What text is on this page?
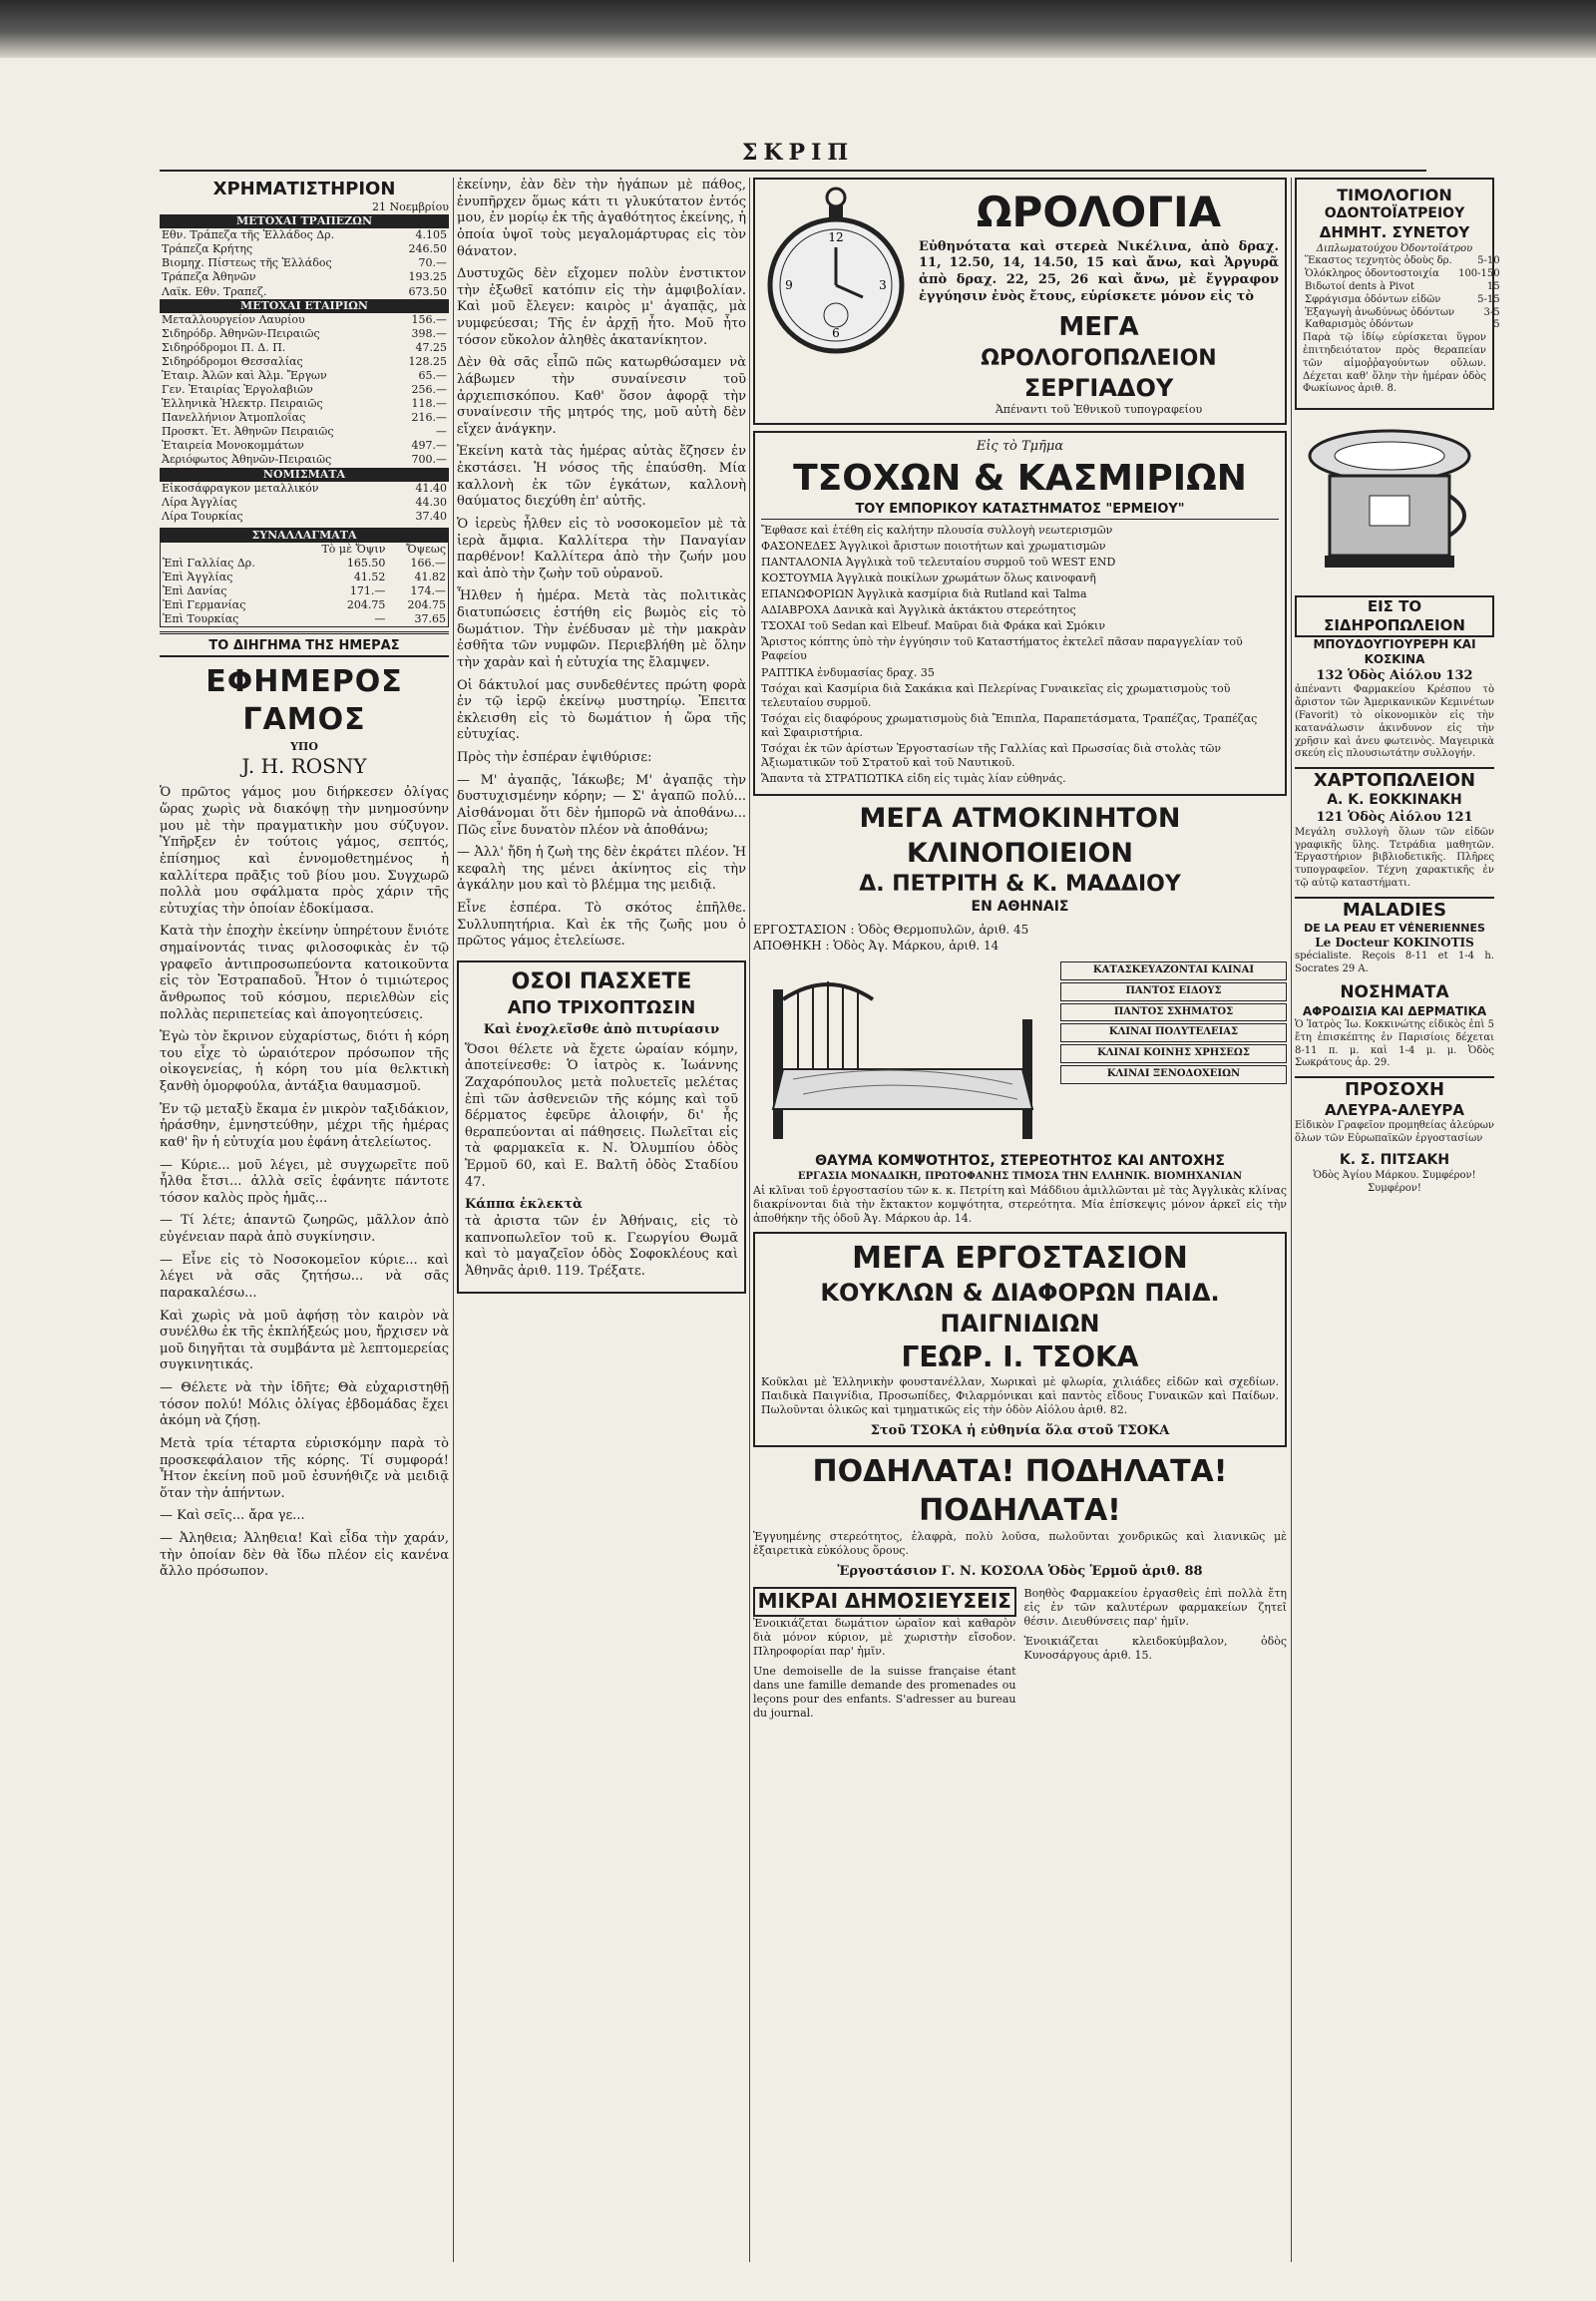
ΣΚΡΙΠ
ΧΡΗΜΑΤΙΣΤΗΡΙΟΝ
21 Νοεμβρίου
ΜΕΤΟΧΑΙ ΤΡΑΠΕΖΩΝ	
Εθν. Τράπεζα τῆς Ἑλλάδος Δρ.	4.105
Τράπεζα Κρήτης	246.50
Βιομηχ. Πίστεως τῆς Ἑλλάδος	70.—
Τράπεζα Ἀθηνῶν	193.25
Λαϊκ. Εθν. Τραπεζ.	673.50
ΜΕΤΟΧΑΙ ΕΤΑΙΡΙΩΝ	
Μεταλλουργείον Λαυρίου	156.—
Σιδηρόδρ. Ἀθηνῶν-Πειραιῶς	398.—
Σιδηρόδρομοι Π. Δ. Π.	47.25
Σιδηρόδρομοι Θεσσαλίας	128.25
Ἐταιρ. Ἀλῶν καὶ Ἀλμ. Ἔργων	65.—
Γεν. Ἐταιρίας Ἐργολαβιῶν	256.—
Ἑλληνικὰ Ἠλεκτρ. Πειραιῶς	118.—
Πανελλήνιον Ἀτμοπλοΐας	216.—
Προσκτ. Ἐτ. Ἀθηνῶν Πειραιῶς	—
Ἐταιρεία Μονοκομμάτων	497.—
Ἀεριόφωτος Ἀθηνῶν-Πειραιῶς	700.—
ΝΟΜΙΣΜΑΤΑ	
Εἰκοσάφραγκον μεταλλικόν	41.40
Λίρα Ἀγγλίας	44.30
Λίρα Τουρκίας	37.40
ΣΥΝΑΛΛΑΓΜΑΤΑ		
	Τὸ μὲ Ὄψιν	Ὄψεως
Ἐπὶ Γαλλίας Δρ.	165.50	166.—
Ἐπὶ Ἀγγλίας	41.52	41.82
Ἐπὶ Δανίας	171.—	174.—
Ἐπὶ Γερμανίας	204.75	204.75
Ἐπὶ Τουρκίας	—	37.65
ΤΟ ΔΙΗΓΗΜΑ ΤΗΣ ΗΜΕΡΑΣ
ΕΦΗΜΕΡΟΣ ΓΑΜΟΣ
ΥΠΟ
J. H. ROSNY

Ὁ πρῶτος γάμος μου διήρκεσεν ὀλίγας ὥρας χωρὶς νὰ διακόψῃ τὴν μνημοσύνην μου μὲ τὴν πραγματικὴν μου σύζυγον. Ὑπῆρξεν ἐν τούτοις γάμος, σεπτός, ἐπίσημος καὶ ἐννομοθετημένος ἡ καλλίτερα πρᾶξις τοῦ βίου μου. Συγχωρῶ πολλὰ μου σφάλματα πρὸς χάριν τῆς εὐτυχίας τὴν ὁποίαν ἐδοκίμασα.

Κατὰ τὴν ἐποχὴν ἐκείνην ὑπηρέτουν ἔνιότε σημαίνοντάς τινας φιλοσοφικὰς ἐν τῷ γραφεῖο ἀντιπροσωπεύοντα κατοικοῦντα εἰς τὸν Ἐστραπαδοῦ. Ἦτον ὁ τιμιώτερος ἄνθρωπος τοῦ κόσμου, περιελθὼν εἰς πολλὰς περιπετείας καὶ ἀπογοητεύσεις.

Ἐγὼ τὸν ἔκρινον εὐχαρίστως, διότι ἡ κόρη του εἶχε τὸ ὡραιότερον πρόσωπον τῆς οἰκογενείας, ἡ κόρη του μία θελκτικὴ ξανθὴ ὁμορφούλα, ἀντάξια θαυμασμοῦ.

Ἐν τῷ μεταξὺ ἔκαμα ἐν μικρὸν ταξιδάκιον, ἠράσθην, ἐμνηστεύθην, μέχρι τῆς ἡμέρας καθ' ἣν ἡ εὐτυχία μου ἐφάνη ἀτελείωτος.

— Κύριε... μοῦ λέγει, μὲ συγχωρεῖτε ποῦ ἦλθα ἔτσι... ἀλλὰ σεῖς ἐφάνητε πάντοτε τόσον καλὸς πρὸς ἡμᾶς...

— Τί λέτε; ἀπαντῶ ζωηρῶς, μᾶλλον ἀπὸ εὐγένειαν παρὰ ἀπὸ συγκίνησιν.

— Εἶνε εἰς τὸ Νοσοκομεῖον κύριε... καὶ λέγει νὰ σᾶς ζητήσω... νὰ σᾶς παρακαλέσω...

Καὶ χωρὶς νὰ μοῦ ἀφήσῃ τὸν καιρὸν νὰ συνέλθω ἐκ τῆς ἐκπλήξεώς μου, ἤρχισεν νὰ μοῦ διηγῆται τὰ συμβάντα μὲ λεπτομερείας συγκινητικάς.

— Θέλετε νὰ τὴν ἰδῆτε; Θὰ εὐχαριστηθῇ τόσον πολύ! Μόλις ὀλίγας ἑβδομάδας ἔχει ἀκόμη νὰ ζήσῃ.

Μετὰ τρία τέταρτα εὑρισκόμην παρὰ τὸ προσκεφάλαιον τῆς κόρης. Τί συμφορά! Ἦτον ἐκείνη ποῦ μοῦ ἐσυνήθιζε νὰ μειδιᾷ ὅταν τὴν ἀπήντων.

— Καὶ σεῖς... ἄρα γε...

— Ἀληθεια; Ἀληθεια! Καὶ εἶδα τὴν χαράν, τὴν ὁποίαν δὲν θὰ ἴδω πλέον εἰς κανένα ἄλλο πρόσωπον.

ἐκείνην, ἐὰν δὲν τὴν ἠγάπων μὲ πάθος, ἐνυπῆρχεν ὅμως κάτι τι γλυκύτατον ἐντός μου, ἐν μορίῳ ἐκ τῆς ἀγαθότητος ἐκείνης, ἡ ὁποία ὑψοῖ τοὺς μεγαλομάρτυρας εἰς τὸν θάνατον.

Δυστυχῶς δὲν εἴχομεν πολὺν ἐνστικτον τὴν ἐξωθεῖ κατόπιν εἰς τὴν ἀμφιβολίαν. Καὶ μοῦ ἔλεγεν: καιρὸς μ' ἀγαπᾷς, μὰ νυμφεύεσαι; Τῆς ἐν ἀρχῇ ἦτο. Μοῦ ἦτο τόσον εὔκολον ἀληθὲς ἀκατανίκητον.

Δὲν θὰ σᾶς εἶπῶ πῶς κατωρθώσαμεν νὰ λάβωμεν τὴν συναίνεσιν τοῦ ἀρχιεπισκόπου. Καθ' ὅσον ἀφορᾷ τὴν συναίνεσιν τῆς μητρός της, μοῦ αὐτὴ δὲν εἴχεν ἀνάγκην.

Ἐκείνη κατὰ τὰς ἡμέρας αὐτὰς ἔζησεν ἐν ἐκστάσει. Ἡ νόσος τῆς ἐπαύσθη. Μία καλλονὴ ἐκ τῶν ἐγκάτων, καλλονὴ θαύματος διεχύθη ἐπ' αὐτῆς.

Ὁ ἱερεὺς ἦλθεν εἰς τὸ νοσοκομεῖον μὲ τὰ ἱερὰ ἄμφια. Καλλίτερα τὴν Παναγίαν παρθένον! Καλλίτερα ἀπὸ τὴν ζωήν μου καὶ ἀπὸ τὴν ζωὴν τοῦ οὐρανοῦ.

Ἦλθεν ἡ ἡμέρα. Μετὰ τὰς πολιτικὰς διατυπώσεις ἐστήθη εἰς βωμὸς εἰς τὸ δωμάτιον. Τὴν ἐνέδυσαν μὲ τὴν μακρὰν ἐσθῆτα τῶν νυμφῶν. Περιεβλήθη μὲ ὅλην τὴν χαρὰν καὶ ἡ εὐτυχία της ἔλαμψεν.

Οἱ δάκτυλοί μας συνδεθέντες πρώτη φορὰ ἐν τῷ ἱερῷ ἐκείνῳ μυστηρίῳ. Ἐπειτα ἐκλεισθη εἰς τὸ δωμάτιον ἡ ὥρα τῆς εὐτυχίας.

Πρὸς τὴν ἑσπέραν ἐψιθύρισε:

— Μ' ἀγαπᾷς, Ἰάκωβε; Μ' ἀγαπᾷς τὴν δυστυχισμένην κόρην; — Σ' ἀγαπῶ πολύ... Αἰσθάνομαι ὅτι δὲν ἠμπορῶ νὰ ἀποθάνω... Πῶς εἶνε δυνατὸν πλέον νὰ ἀποθάνω;

— Ἀλλ' ἤδη ἡ ζωὴ της δὲν ἐκράτει πλέον. Ἡ κεφαλὴ της μένει ἀκίνητος εἰς τὴν ἀγκάλην μου καὶ τὸ βλέμμα της μειδιᾷ.

Εἶνε ἑσπέρα. Τὸ σκότος ἐπῆλθε. Συλλυπητήρια. Καὶ ἐκ τῆς ζωῆς μου ὁ πρῶτος γάμος ἐτελείωσε.

ΟΣΟΙ ΠΑΣΧΕΤΕ
ΑΠΟ ΤΡΙΧΟΠΤΩΣΙΝ
Καὶ ἐνοχλεῖσθε ἀπὸ πιτυρίασιν

Ὅσοι θέλετε νὰ ἔχετε ὡραίαν κόμην, ἀποτείνεσθε: Ὁ ἰατρὸς κ. Ἰωάννης Ζαχαρόπουλος μετὰ πολυετεῖς μελέτας ἐπὶ τῶν ἀσθενειῶν τῆς κόμης καὶ τοῦ δέρματος ἐφεῦρε ἀλοιφήν, δι' ἧς θεραπεύονται αἱ πάθησεις. Πωλεῖται εἰς τὰ φαρμακεῖα κ. Ν. Ὀλυμπίου ὁδὸς Ἑρμοῦ 60, καὶ Ε. Βαλτῆ ὁδὸς Σταδίου 47.

Κάππα ἐκλεκτὰ

τὰ ἀριστα τῶν ἐν Ἀθήναις, εἰς τὸ καπνοπωλεῖον τοῦ κ. Γεωργίου Θωμᾶ καὶ τὸ μαγαζεῖον ὁδὸς Σοφοκλέους καὶ Ἀθηνᾶς ἀριθ. 119. Τρέξατε.

12
3
6
9
ΩΡΟΛΟΓΙΑ

Εὐθηνότατα καὶ στερεὰ Νικέλινα, ἀπὸ δραχ. 11, 12.50, 14, 14.50, 15 καὶ ἄνω, καὶ Ἀργυρᾶ ἀπὸ δραχ. 22, 25, 26 καὶ ἄνω, μὲ ἔγγραφον ἐγγύησιν ἐνὸς ἔτους, εὑρίσκετε μόνον εἰς τὸ

ΜΕΓΑ
ΩΡΟΛΟΓΟΠΩΛΕΙΟΝ
ΣΕΡΓΙΑΔΟΥ
Ἀπέναντι τοῦ Ἐθνικοῦ τυπογραφείου
Εἰς τὸ Τμῆμα
ΤΣΟΧΩΝ & ΚΑΣΜΙΡΙΩΝ
ΤΟΥ ΕΜΠΟΡΙΚΟΥ ΚΑΤΑΣΤΗΜΑΤΟΣ "ΕΡΜΕΙΟΥ"
Ἔφθασε καὶ ἐτέθη εἰς καλήτην πλουσία συλλογὴ νεωτερισμῶν
ΦΑΣΟΝΕΔΕΣ Ἀγγλικοὶ ἄριστων ποιοτήτων καὶ χρωματισμῶν
ΠΑΝΤΑΛΟΝΙΑ Ἀγγλικὰ τοῦ τελευταίου συρμοῦ τοῦ WEST END
ΚΟΣΤΟΥΜΙΑ Ἀγγλικὰ ποικίλων χρωμάτων ὅλως καινοφανῆ
ΕΠΑΝΩΦΟΡΙΩΝ Ἀγγλικὰ κασμίρια διὰ Rutland καὶ Talma
ΑΔΙΑΒΡΟΧΑ Δανικὰ καὶ Ἀγγλικὰ ἀκτάκτου στερεότητος
ΤΣΟΧΑΙ τοῦ Sedan καὶ Elbeuf. Μαῦραι διὰ Φράκα καὶ Σμόκιν
Ἄριστος κόπτης ὑπὸ τὴν ἐγγύησιν τοῦ Καταστήματος ἐκτελεῖ πᾶσαν παραγγελίαν τοῦ Ραφείου
ΡΑΠΤΙΚΑ ἐνδυμασίας δραχ. 35
Τσόχαι καὶ Κασμίρια διὰ Σακάκια καὶ Πελερίνας Γυναικεῖας εἰς χρωματισμοὺς τοῦ τελευταίου συρμοῦ.
Τσόχαι εἰς διαφόρους χρωματισμοὺς διὰ Ἔπιπλα, Παραπετάσματα, Τραπέζας, Τραπέζας καὶ Σφαιριστήρια.
Τσόχαι ἐκ τῶν ἀρίστων Ἐργοστασίων τῆς Γαλλίας καὶ Πρωσσίας διὰ στολὰς τῶν Ἀξιωματικῶν τοῦ Στρατοῦ καὶ τοῦ Ναυτικοῦ.
Ἅπαντα τὰ ΣΤΡΑΤΙΩΤΙΚΑ εἰδη εἰς τιμὰς λίαν εὐθηνάς.
ΜΕΓΑ ΑΤΜΟΚΙΝΗΤΟΝ ΚΛΙΝΟΠΟΙΕΙΟΝ
Δ. ΠΕΤΡΙΤΗ & Κ. ΜΑΔΔΙΟΥ
ΕΝ ΑΘΗΝΑΙΣ
ΕΡΓΟΣΤΑΣΙΟΝ : Ὁδὸς Θερμοπυλῶν, ἀριθ. 45
ΑΠΟΘΗΚΗ : Ὁδὸς Ἀγ. Μάρκου, ἀριθ. 14
ΚΑΤΑΣΚΕΥΑΖΟΝΤΑΙ ΚΛΙΝΑΙ
ΠΑΝΤΟΣ ΕΙΔΟΥΣ
ΠΑΝΤΟΣ ΣΧΗΜΑΤΟΣ
ΚΛΙΝΑΙ ΠΟΛΥΤΕΛΕΙΑΣ
ΚΛΙΝΑΙ ΚΟΙΝΗΣ ΧΡΗΣΕΩΣ
ΚΛΙΝΑΙ ΞΕΝΟΔΟΧΕΙΩΝ
ΘΑΥΜΑ ΚΟΜΨΟΤΗΤΟΣ, ΣΤΕΡΕΟΤΗΤΟΣ ΚΑΙ ΑΝΤΟΧΗΣ
ΕΡΓΑΣΙΑ ΜΟΝΑΔΙΚΗ, ΠΡΩΤΟΦΑΝΗΣ ΤΙΜΟΣΑ ΤΗΝ ΕΛΛΗΝΙΚ. ΒΙΟΜΗΧΑΝΙΑΝ

Αἱ κλῖναι τοῦ ἐργοστασίου τῶν κ. κ. Πετρίτη καὶ Μάδδιου ἁμιλλῶνται μὲ τὰς Ἀγγλικὰς κλίνας διακρίνονται διὰ τὴν ἔκτακτον κομψότητα, στερεότητα. Μία ἐπίσκεψις μόνον ἀρκεῖ εἰς τὴν ἀποθήκην τῆς ὁδοῦ Ἀγ. Μάρκου ἀρ. 14.

ΜΕΓΑ ΕΡΓΟΣΤΑΣΙΟΝ
ΚΟΥΚΛΩΝ & ΔΙΑΦΟΡΩΝ ΠΑΙΔ. ΠΑΙΓΝΙΔΙΩΝ
ΓΕΩΡ. Ι. ΤΣΟΚΑ

Κοῦκλαι μὲ Ἑλληνικὴν φουστανέλλαν, Χωρικαὶ μὲ φλωρία, χιλιάδες εἰδῶν καὶ σχεδίων. Παιδικὰ Παιγνίδια, Προσωπίδες, Φιλαρμόνικαι καὶ παντὸς εἴδους Γυναικῶν καὶ Παίδων. Πωλοῦνται ὁλικῶς καὶ τμηματικῶς εἰς τὴν ὁδὸν Αἰόλου ἀριθ. 82.

Στοῦ ΤΣΟΚΑ ἡ εὐθηνία ὅλα στοῦ ΤΣΟΚΑ
ΠΟΔΗΛΑΤΑ! ΠΟΔΗΛΑΤΑ! ΠΟΔΗΛΑΤΑ!

Ἐγγυημένης στερεότητος, ἐλαφρὰ, πολὺ λοῦσα, πωλοῦνται χονδρικῶς καὶ λιανικῶς μὲ ἐξαιρετικὰ εὐκόλους ὅρους.

Ἐργοστάσιον Γ. Ν. ΚΟΣΟΛΑ Ὁδὸς Ἑρμοῦ ἀριθ. 88
ΜΙΚΡΑΙ ΔΗΜΟΣΙΕΥΣΕΙΣ

Ἐνοικιάζεται δωμάτιον ὡραῖον καὶ καθαρὸν διὰ μόνον κύριον, μὲ χωριστὴν εἴσοδον. Πληροφορίαι παρ' ἡμῖν.

Une demoiselle de la suisse française étant dans une famille demande des promenades ou leçons pour des enfants. S'adresser au bureau du journal.

Βοηθὸς Φαρμακείου ἐργασθεὶς ἐπὶ πολλὰ ἔτη εἰς ἐν τῶν καλυτέρων φαρμακείων ζητεῖ θέσιν. Διευθύνσεις παρ' ἡμῖν.

Ἐνοικιάζεται κλειδοκύμβαλον, ὁδὸς Κυνοσάργους ἀριθ. 15.

ΤΙΜΟΛΟΓΙΟΝ
ΟΔΟΝΤΟΪΑΤΡΕΙΟΥ
ΔΗΜΗΤ. ΣΥΝΕΤΟΥ
Διπλωματούχου Ὀδοντοϊάτρου
Ἕκαστος τεχνητὸς ὀδοὺς δρ.	5-10
Ὁλόκληρος ὀδοντοστοιχία	100-150
Βιδωτοί dents à Pivot	15
Σφράγισμα ὀδόντων εἰδῶν	5-15
Ἐξαγωγὴ ἀνωδύνως ὀδόντων	3-5
Καθαρισμὸς ὀδόντων	5

Παρὰ τῷ ἰδίῳ εὑρίσκεται ὕγρον ἐπιτηδειότατον πρὸς θεραπείαν τῶν αἱμοῤῥαγούντων οὔλων. Δέχεται καθ' ὅλην τὴν ἡμέραν ὁδὸς Φωκίωνος ἀριθ. 8.

ΕΙΣ ΤΟ ΣΙΔΗΡΟΠΩΛΕΙΟΝ
ΜΠΟΥΔΟΥΓΙΟΥΡΕΡΗ ΚΑΙ ΚΟΣΚΙΝΑ
132 Ὁδὸς Αἰόλου 132

ἀπέναντι Φαρμακείου Κρέσπου τὸ ἄριστον τῶν Ἀμερικανικῶν Κεμινέτων (Favorit) τὸ οἰκονομικὸν εἰς τὴν κατανάλωσιν ἀκινδυνον εἰς τὴν χρῆσιν καὶ ἀνευ φωτεινὸς. Μαγειρικὰ σκεύη εἰς πλουσιωτάτην συλλογήν.

ΧΑΡΤΟΠΩΛΕΙΟΝ
Α. Κ. ΕΟΚΚΙΝΑΚΗ
121 Ὁδὸς Αἰόλου 121

Μεγάλη συλλογὴ ὅλων τῶν εἰδῶν γραφικῆς ὕλης. Τετράδια μαθητῶν. Ἐργαστήριον βιβλιοδετικῆς. Πλῆρες τυπογραφεῖον. Τέχνη χαρακτικῆς ἐν τῷ αὐτῷ καταστήματι.

MALADIES
DE LA PEAU ET VÉNERIENNES
Le Docteur KOKINOTIS

spécialiste. Reçois 8-11 et 1-4 h. Socrates 29 A.

ΝΟΣΗΜΑΤΑ
ΑΦΡΟΔΙΣΙΑ ΚΑΙ ΔΕΡΜΑΤΙΚΑ

Ὁ Ἰατρὸς Ἰω. Κοκκινώτης εἰδικὸς ἐπὶ 5 ἔτη ἐπισκέπτης ἐν Παρισίοις δέχεται 8-11 π. μ. καὶ 1-4 μ. μ. Ὁδὸς Σωκράτους ἀρ. 29.

ΠΡΟΣΟΧΗ
ΑΛΕΥΡΑ-ΑΛΕΥΡΑ

Εἰδικὸν Γραφεῖον προμηθείας ἀλεύρων ὅλων τῶν Εὐρωπαϊκῶν ἐργοστασίων

Κ. Σ. ΠΙΤΣΑΚΗ
Ὁδὸς Ἀγίου Μάρκου. Συμφέρον! Συμφέρον!
